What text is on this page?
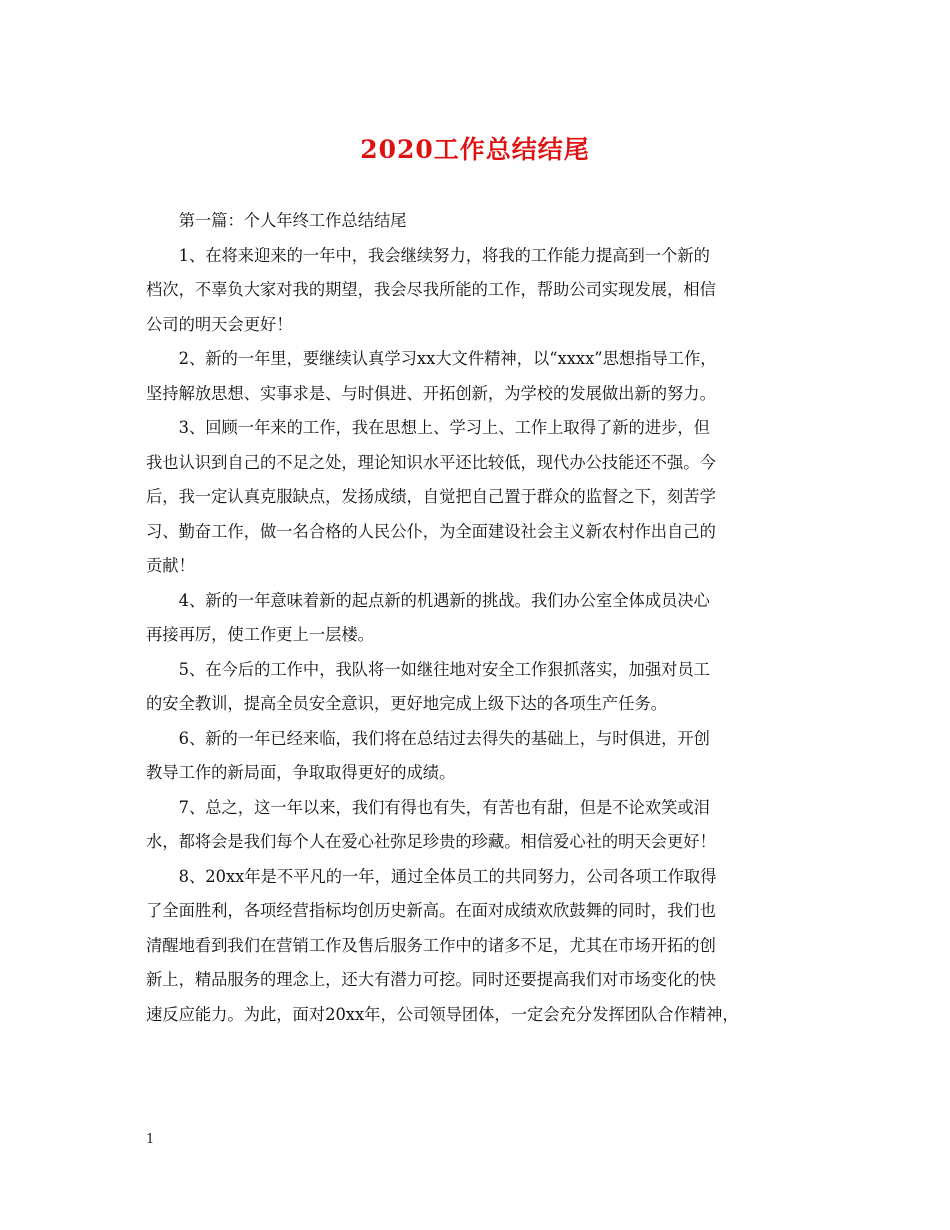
2020工作总结结尾

第一篇：个人年终工作总结结尾

1、在将来迎来的一年中，我会继续努力，将我的工作能力提高到一个新的
档次，不辜负大家对我的期望，我会尽我所能的工作，帮助公司实现发展，相信
公司的明天会更好！

2、新的一年里，要继续认真学习xx大文件精神，以“xxxx”思想指导工作，
坚持解放思想、实事求是、与时俱进、开拓创新，为学校的发展做出新的努力。

3、回顾一年来的工作，我在思想上、学习上、工作上取得了新的进步，但
我也认识到自己的不足之处，理论知识水平还比较低，现代办公技能还不强。今
后，我一定认真克服缺点，发扬成绩，自觉把自己置于群众的监督之下，刻苦学
习、勤奋工作，做一名合格的人民公仆，为全面建设社会主义新农村作出自己的
贡献！

4、新的一年意味着新的起点新的机遇新的挑战。我们办公室全体成员决心
再接再厉，使工作更上一层楼。

5、在今后的工作中，我队将一如继往地对安全工作狠抓落实，加强对员工
的安全教训，提高全员安全意识，更好地完成上级下达的各项生产任务。

6、新的一年已经来临，我们将在总结过去得失的基础上，与时俱进，开创
教导工作的新局面，争取取得更好的成绩。

7、总之，这一年以来，我们有得也有失，有苦也有甜，但是不论欢笑或泪
水，都将会是我们每个人在爱心社弥足珍贵的珍藏。相信爱心社的明天会更好！

8、20xx年是不平凡的一年，通过全体员工的共同努力，公司各项工作取得
了全面胜利，各项经营指标均创历史新高。在面对成绩欢欣鼓舞的同时，我们也
清醒地看到我们在营销工作及售后服务工作中的诸多不足，尤其在市场开拓的创
新上，精品服务的理念上，还大有潜力可挖。同时还要提高我们对市场变化的快
速反应能力。为此，面对20xx年，公司领导团体，一定会充分发挥团队合作精神，

1
